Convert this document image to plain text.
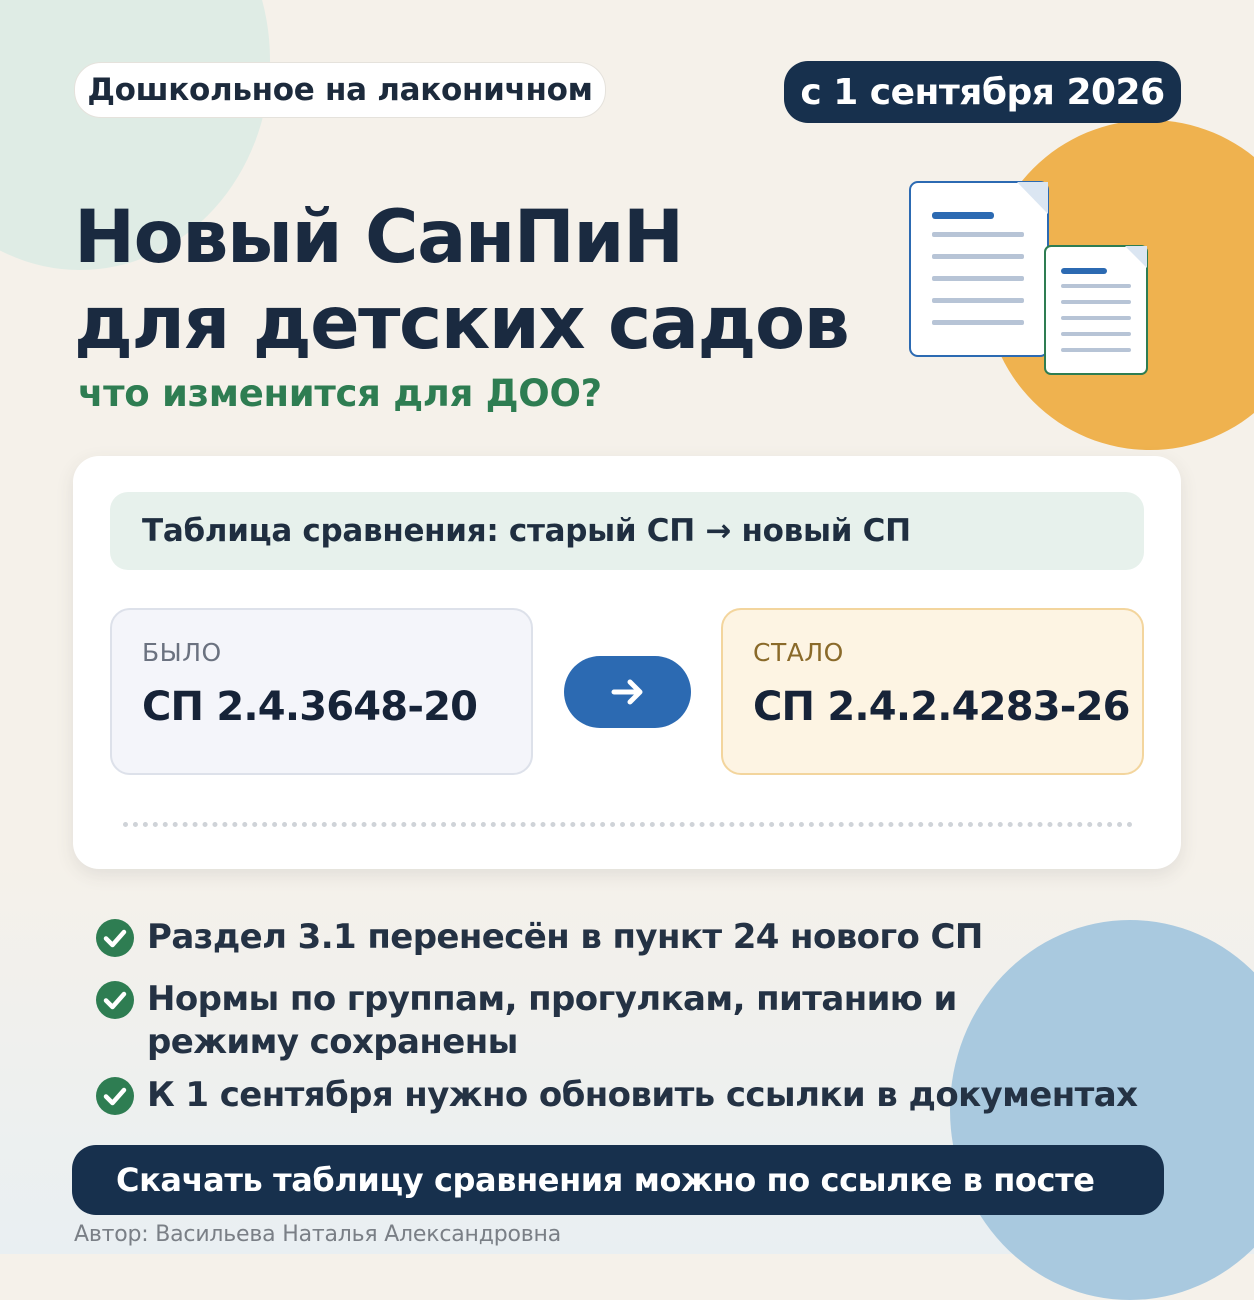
Дошкольное на лаконичном	с 1 сентября 2026
Новый СанПиН
для детских садов
что изменится для ДОО?
Таблица сравнения: старый СП → новый СП
БЫЛО
СП 2.4.3648-20
СТАЛО
СП 2.4.2.4283-26
Раздел 3.1 перенесён в пункт 24 нового СП
Нормы по группам, прогулкам, питанию и режиму сохранены
К 1 сентября нужно обновить ссылки в документах
Скачать таблицу сравнения можно по ссылке в посте
Автор: Васильева Наталья Александровна
